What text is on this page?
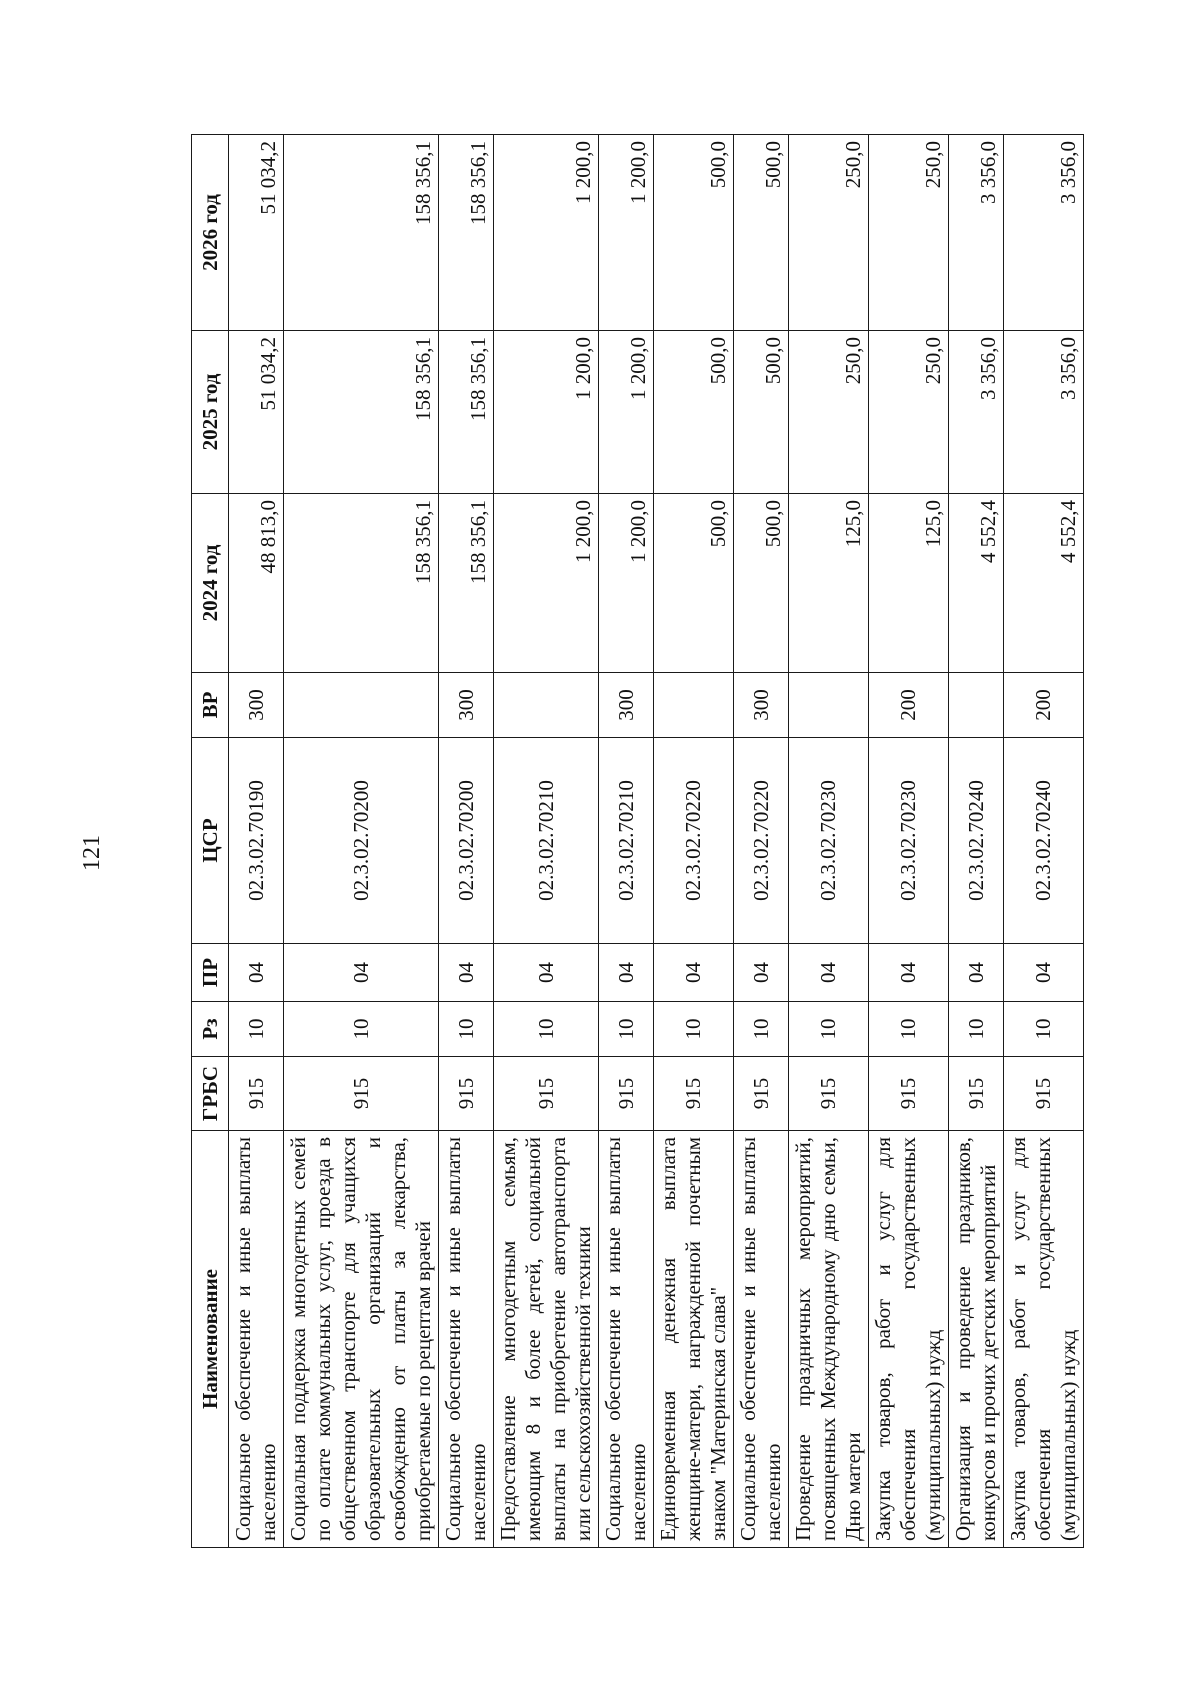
121
Наименование	ГРБС	Рз	ПР	ЦСР	ВР	2024 год	2025 год	2026 год
Социальное обеспечение и иные выплаты населению	915	10	04	02.3.02.70190	300	48 813,0	51 034,2	51 034,2
Социальная поддержка многодетных семей по оплате коммунальных услуг, проезда в общественном транспорте для учащихся образовательных организаций и освобождению от платы за лекарства, приобретаемые по рецептам врачей	915	10	04	02.3.02.70200		158 356,1	158 356,1	158 356,1
Социальное обеспечение и иные выплаты населению	915	10	04	02.3.02.70200	300	158 356,1	158 356,1	158 356,1
Предоставление многодетным семьям, имеющим 8 и более детей, социальной выплаты на приобретение автотранспорта или сельскохозяйственной техники	915	10	04	02.3.02.70210		1 200,0	1 200,0	1 200,0
Социальное обеспечение и иные выплаты населению	915	10	04	02.3.02.70210	300	1 200,0	1 200,0	1 200,0
Единовременная денежная выплата женщине-матери, награжденной почетным знаком "Материнская слава"	915	10	04	02.3.02.70220		500,0	500,0	500,0
Социальное обеспечение и иные выплаты населению	915	10	04	02.3.02.70220	300	500,0	500,0	500,0
Проведение праздничных мероприятий, посвященных Международному дню семьи, Дню матери	915	10	04	02.3.02.70230		125,0	250,0	250,0
Закупка товаров, работ и услуг для обеспечения государственных (муниципальных) нужд	915	10	04	02.3.02.70230	200	125,0	250,0	250,0
Организация и проведение праздников, конкурсов и прочих детских мероприятий	915	10	04	02.3.02.70240		4 552,4	3 356,0	3 356,0
Закупка товаров, работ и услуг для обеспечения государственных (муниципальных) нужд	915	10	04	02.3.02.70240	200	4 552,4	3 356,0	3 356,0
